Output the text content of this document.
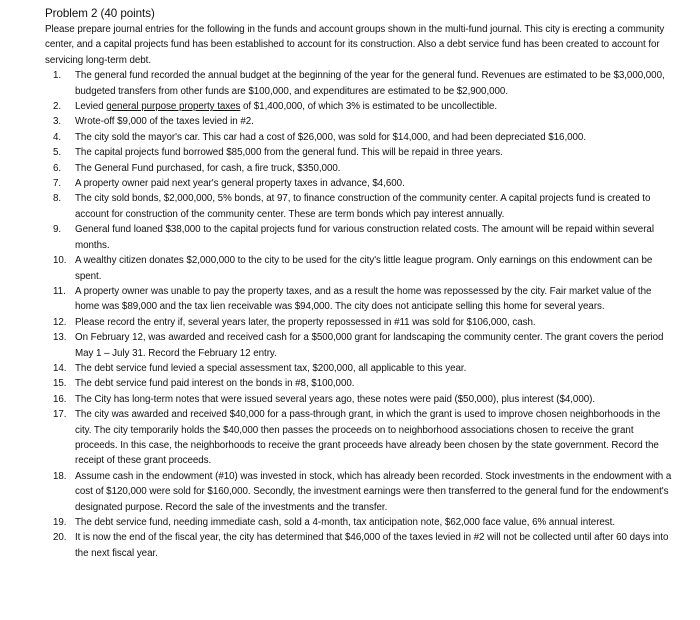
Problem 2 (40 points)

Please prepare journal entries for the following in the funds and account groups shown in the multi-fund journal. This city is erecting a community center, and a capital projects fund has been established to account for its construction. Also a debt service fund has been created to account for servicing long-term debt.

1. The general fund recorded the annual budget at the beginning of the year for the general fund. Revenues are estimated to be $3,000,000, budgeted transfers from other funds are $100,000, and expenditures are estimated to be $2,900,000.
2. Levied general purpose property taxes of $1,400,000, of which 3% is estimated to be uncollectible.
3. Wrote-off $9,000 of the taxes levied in #2.
4. The city sold the mayor's car. This car had a cost of $26,000, was sold for $14,000, and had been depreciated $16,000.
5. The capital projects fund borrowed $85,000 from the general fund. This will be repaid in three years.
6. The General Fund purchased, for cash, a fire truck, $350,000.
7. A property owner paid next year's general property taxes in advance, $4,600.
8. The city sold bonds, $2,000,000, 5% bonds, at 97, to finance construction of the community center. A capital projects fund is created to account for construction of the community center. These are term bonds which pay interest annually.
9. General fund loaned $38,000 to the capital projects fund for various construction related costs. The amount will be repaid within several months.
10. A wealthy citizen donates $2,000,000 to the city to be used for the city's little league program. Only earnings on this endowment can be spent.
11. A property owner was unable to pay the property taxes, and as a result the home was repossessed by the city. Fair market value of the home was $89,000 and the tax lien receivable was $94,000. The city does not anticipate selling this home for several years.
12. Please record the entry if, several years later, the property repossessed in #11 was sold for $106,000, cash.
13. On February 12, was awarded and received cash for a $500,000 grant for landscaping the community center. The grant covers the period May 1 – July 31. Record the February 12 entry.
14. The debt service fund levied a special assessment tax, $200,000, all applicable to this year.
15. The debt service fund paid interest on the bonds in #8, $100,000.
16. The City has long-term notes that were issued several years ago, these notes were paid ($50,000), plus interest ($4,000).
17. The city was awarded and received $40,000 for a pass-through grant, in which the grant is used to improve chosen neighborhoods in the city. The city temporarily holds the $40,000 then passes the proceeds on to neighborhood associations chosen to receive the grant proceeds. In this case, the neighborhoods to receive the grant proceeds have already been chosen by the state government. Record the receipt of these grant proceeds.
18. Assume cash in the endowment (#10) was invested in stock, which has already been recorded. Stock investments in the endowment with a cost of $120,000 were sold for $160,000. Secondly, the investment earnings were then transferred to the general fund for the endowment's designated purpose. Record the sale of the investments and the transfer.
19. The debt service fund, needing immediate cash, sold a 4-month, tax anticipation note, $62,000 face value, 6% annual interest.
20. It is now the end of the fiscal year, the city has determined that $46,000 of the taxes levied in #2 will not be collected until after 60 days into the next fiscal year.
